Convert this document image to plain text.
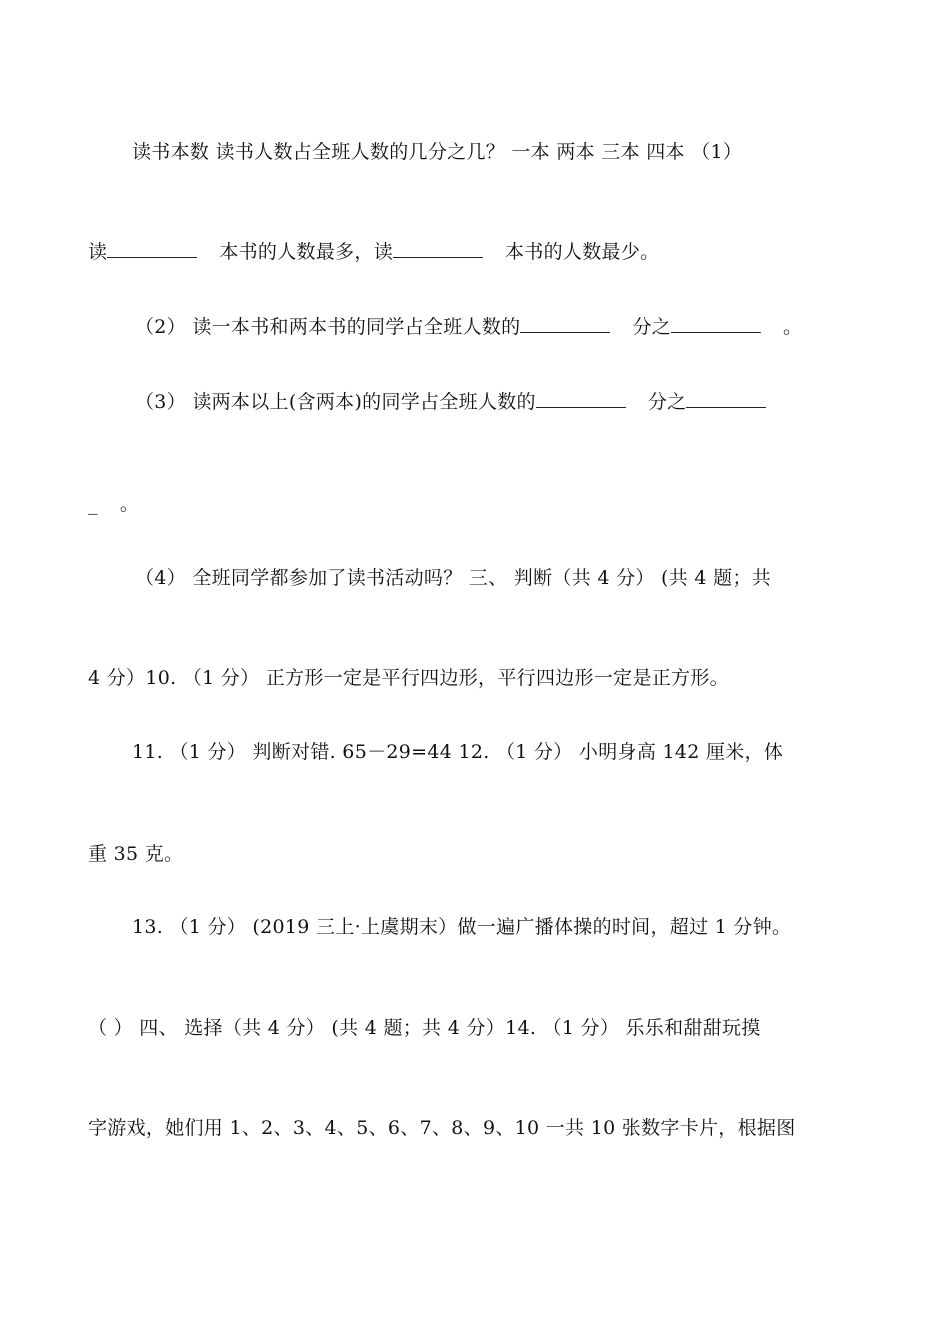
读书本数 读书人数占全班人数的几分之几？ 一本 两本 三本 四本 （1）
读	本书的人数最多，读	本书的人数最少。
（2） 读一本书和两本书的同学占全班人数的	分之	。
（3） 读两本以上(含两本)的同学占全班人数的	分之
_ 。
（4） 全班同学都参加了读书活动吗？ 三、 判断（共 4 分） (共 4 题；共
4 分）10. （1 分） 正方形一定是平行四边形，平行四边形一定是正方形。
11. （1 分） 判断对错. 65－29=44 12. （1 分） 小明身高 142 厘米，体
重 35 克。
13. （1 分） (2019 三上·上虞期末）做一遍广播体操的时间，超过 1 分钟。
（ ） 四、 选择（共 4 分） (共 4 题；共 4 分）14. （1 分） 乐乐和甜甜玩摸
字游戏，她们用 1、2、3、4、5、6、7、8、9、10 一共 10 张数字卡片，根据图
